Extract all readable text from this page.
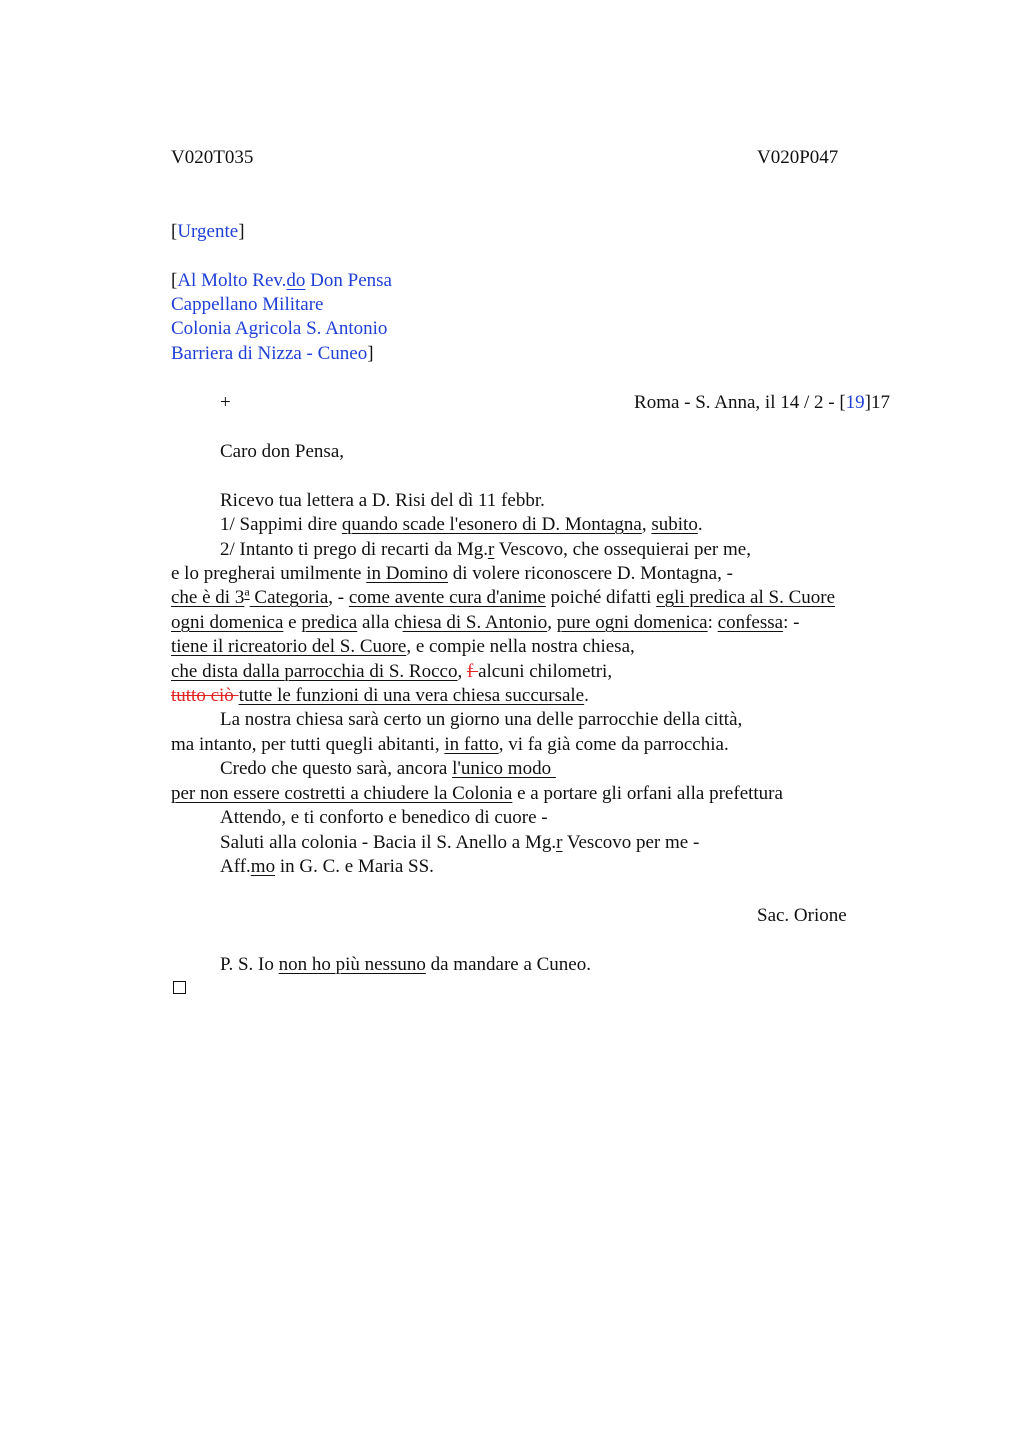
V020T035	V020P047
[Urgente]
[Al Molto Rev.do Don Pensa
Cappellano Militare
Colonia Agricola S. Antonio
Barriera di Nizza - Cuneo]
+	Roma - S. Anna, il 14 / 2 - [19]17
Caro don Pensa,
Ricevo tua lettera a D. Risi del dì 11 febbr.
1/ Sappimi dire quando scade l'esonero di D. Montagna, subito.
2/ Intanto ti prego di recarti da Mg.r Vescovo, che ossequierai per me,
e lo pregherai umilmente in Domino di volere riconoscere D. Montagna, -
che è di 3$^a$ Categoria, - come avente cura d'anime poiché difatti egli predica al S. Cuore
ogni domenica e predica alla chiesa di S. Antonio, pure ogni domenica: confessa: -
tiene il ricreatorio del S. Cuore, e compie nella nostra chiesa,
che dista dalla parrocchia di S. Rocco, f alcuni chilometri,
tutto ciò tutte le funzioni di una vera chiesa succursale.
La nostra chiesa sarà certo un giorno una delle parrocchie della città,
ma intanto, per tutti quegli abitanti, in fatto, vi fa già come da parrocchia.
Credo che questo sarà, ancora l'unico modo
per non essere costretti a chiudere la Colonia e a portare gli orfani alla prefettura
Attendo, e ti conforto e benedico di cuore -
Saluti alla colonia - Bacia il S. Anello a Mg.r Vescovo per me -
Aff.mo in G. C. e Maria SS.
Sac. Orione
P. S. Io non ho più nessuno da mandare a Cuneo.
